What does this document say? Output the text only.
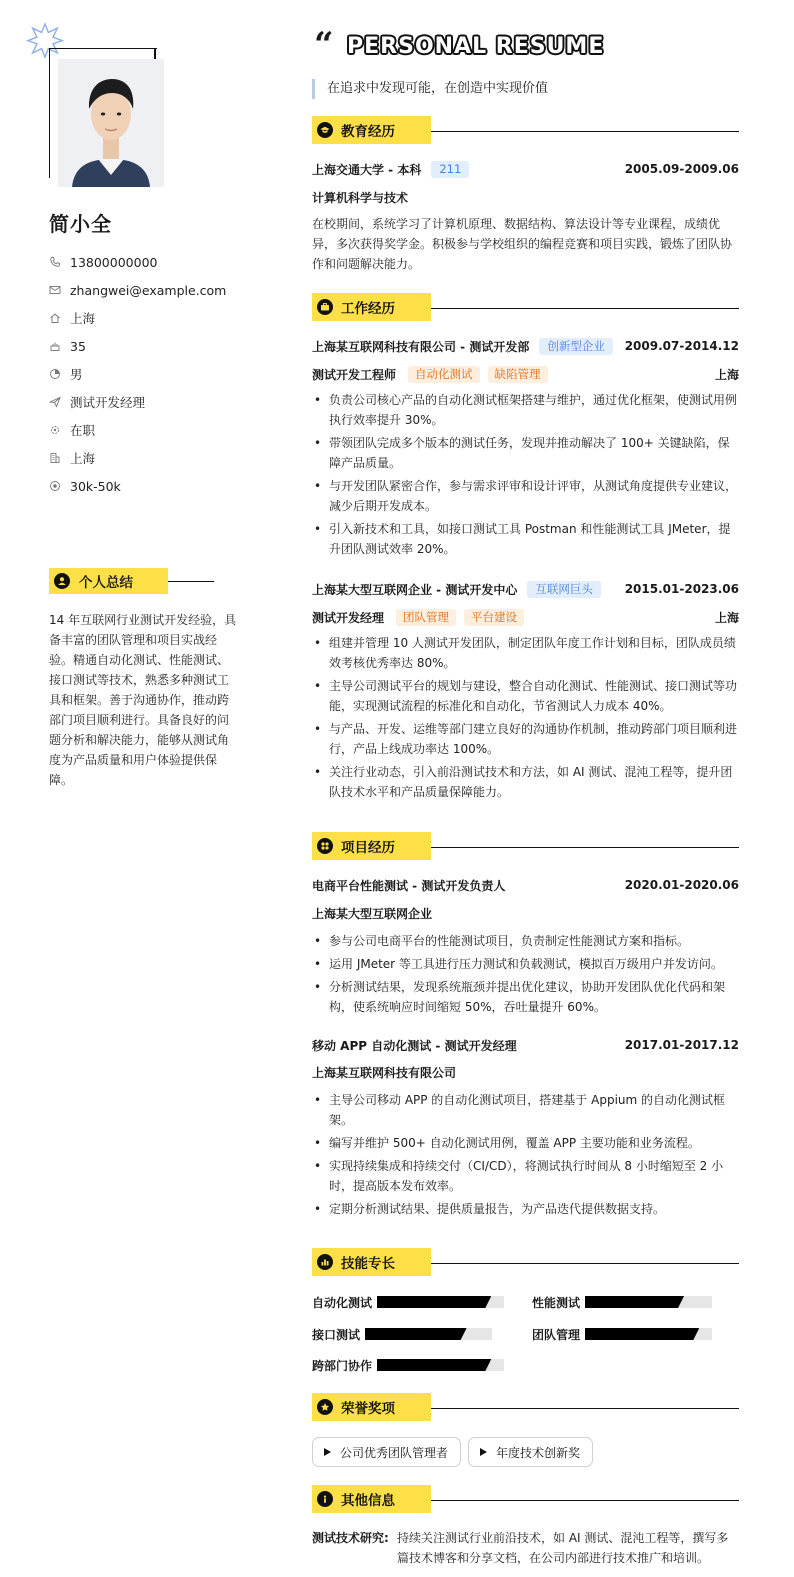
简小全
13800000000
zhangwei@example.com
上海
35
男
测试开发经理
在职
上海
30k-50k
个人总结
14 年互联网行业测试开发经验，具备丰富的团队管理和项目实战经验。精通自动化测试、性能测试、接口测试等技术，熟悉多种测试工具和框架。善于沟通协作，推动跨部门项目顺利进行。具备良好的问题分析和解决能力，能够从测试角度为产品质量和用户体验提供保障。
“ PERSONAL RESUME
在追求中发现可能，在创造中实现价值
教育经历
上海交通大学 - 本科	211	2005.09-2009.06
计算机科学与技术
在校期间，系统学习了计算机原理、数据结构、算法设计等专业课程，成绩优异，多次获得奖学金。积极参与学校组织的编程竞赛和项目实践，锻炼了团队协作和问题解决能力。
工作经历
上海某互联网科技有限公司 - 测试开发部	创新型企业	2009.07-2014.12
测试开发工程师	自动化测试	缺陷管理	上海
• 负责公司核心产品的自动化测试框架搭建与维护，通过优化框架，使测试用例执行效率提升 30%。
• 带领团队完成多个版本的测试任务，发现并推动解决了 100+ 关键缺陷，保障产品质量。
• 与开发团队紧密合作，参与需求评审和设计评审，从测试角度提供专业建议，减少后期开发成本。
• 引入新技术和工具，如接口测试工具 Postman 和性能测试工具 JMeter，提升团队测试效率 20%。
上海某大型互联网企业 - 测试开发中心	互联网巨头	2015.01-2023.06
测试开发经理	团队管理	平台建设	上海
• 组建并管理 10 人测试开发团队，制定团队年度工作计划和目标，团队成员绩效考核优秀率达 80%。
• 主导公司测试平台的规划与建设，整合自动化测试、性能测试、接口测试等功能，实现测试流程的标准化和自动化，节省测试人力成本 40%。
• 与产品、开发、运维等部门建立良好的沟通协作机制，推动跨部门项目顺利进行，产品上线成功率达 100%。
• 关注行业动态，引入前沿测试技术和方法，如 AI 测试、混沌工程等，提升团队技术水平和产品质量保障能力。
项目经历
电商平台性能测试 - 测试开发负责人	2020.01-2020.06
上海某大型互联网企业
• 参与公司电商平台的性能测试项目，负责制定性能测试方案和指标。
• 运用 JMeter 等工具进行压力测试和负载测试，模拟百万级用户并发访问。
• 分析测试结果，发现系统瓶颈并提出优化建议，协助开发团队优化代码和架构，使系统响应时间缩短 50%，吞吐量提升 60%。
移动 APP 自动化测试 - 测试开发经理	2017.01-2017.12
上海某互联网科技有限公司
• 主导公司移动 APP 的自动化测试项目，搭建基于 Appium 的自动化测试框架。
• 编写并维护 500+ 自动化测试用例，覆盖 APP 主要功能和业务流程。
• 实现持续集成和持续交付（CI/CD），将测试执行时间从 8 小时缩短至 2 小时，提高版本发布效率。
• 定期分析测试结果、提供质量报告，为产品迭代提供数据支持。
技能专长
自动化测试	性能测试
接口测试	团队管理
跨部门协作
荣誉奖项
公司优秀团队管理者	年度技术创新奖
其他信息
测试技术研究: 持续关注测试行业前沿技术，如 AI 测试、混沌工程等，撰写多篇技术博客和分享文档，在公司内部进行技术推广和培训。
